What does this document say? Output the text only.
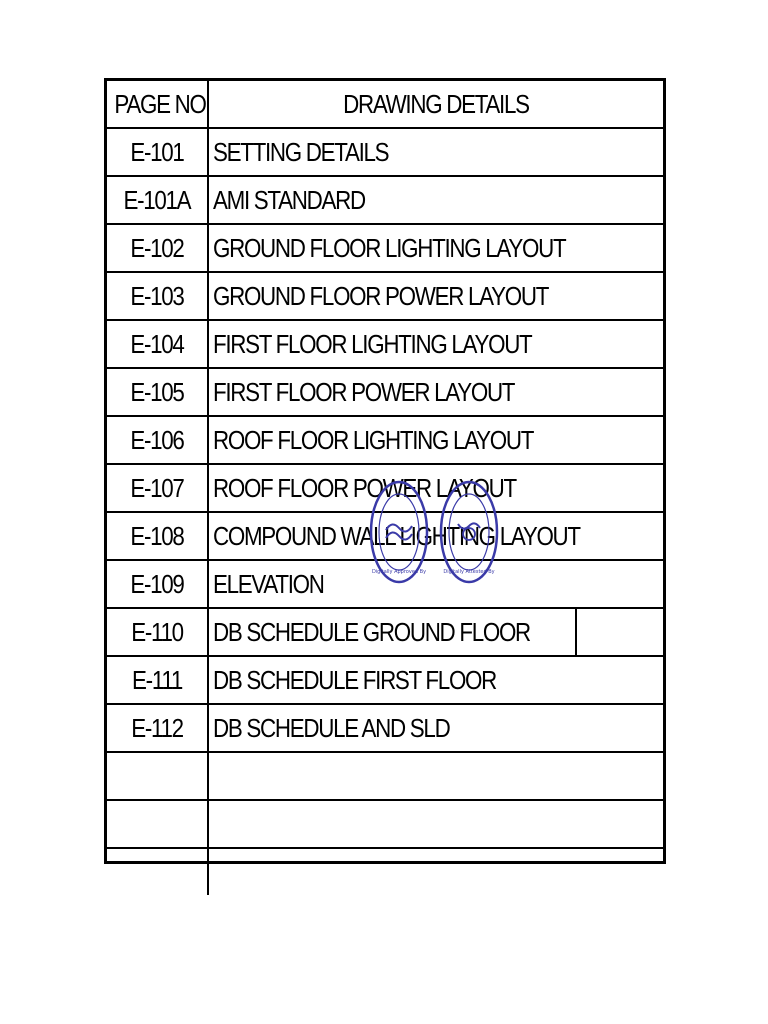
PAGE NO	DRAWING DETAILS
E-101	SETTING DETAILS
E-101A	AMI STANDARD
E-102	GROUND FLOOR LIGHTING LAYOUT
E-103	GROUND FLOOR POWER LAYOUT
E-104	FIRST FLOOR LIGHTING LAYOUT
E-105	FIRST FLOOR POWER LAYOUT
E-106	ROOF FLOOR LIGHTING LAYOUT
E-107	ROOF FLOOR POWER LAYOUT
E-108	COMPOUND WALL LIGHTING LAYOUT
E-109	ELEVATION
E-110	DB SCHEDULE GROUND FLOOR

E-111	DB SCHEDULE FIRST FLOOR
E-112	DB SCHEDULE AND SLD

Digitally Approved By	Digitally Attested By
